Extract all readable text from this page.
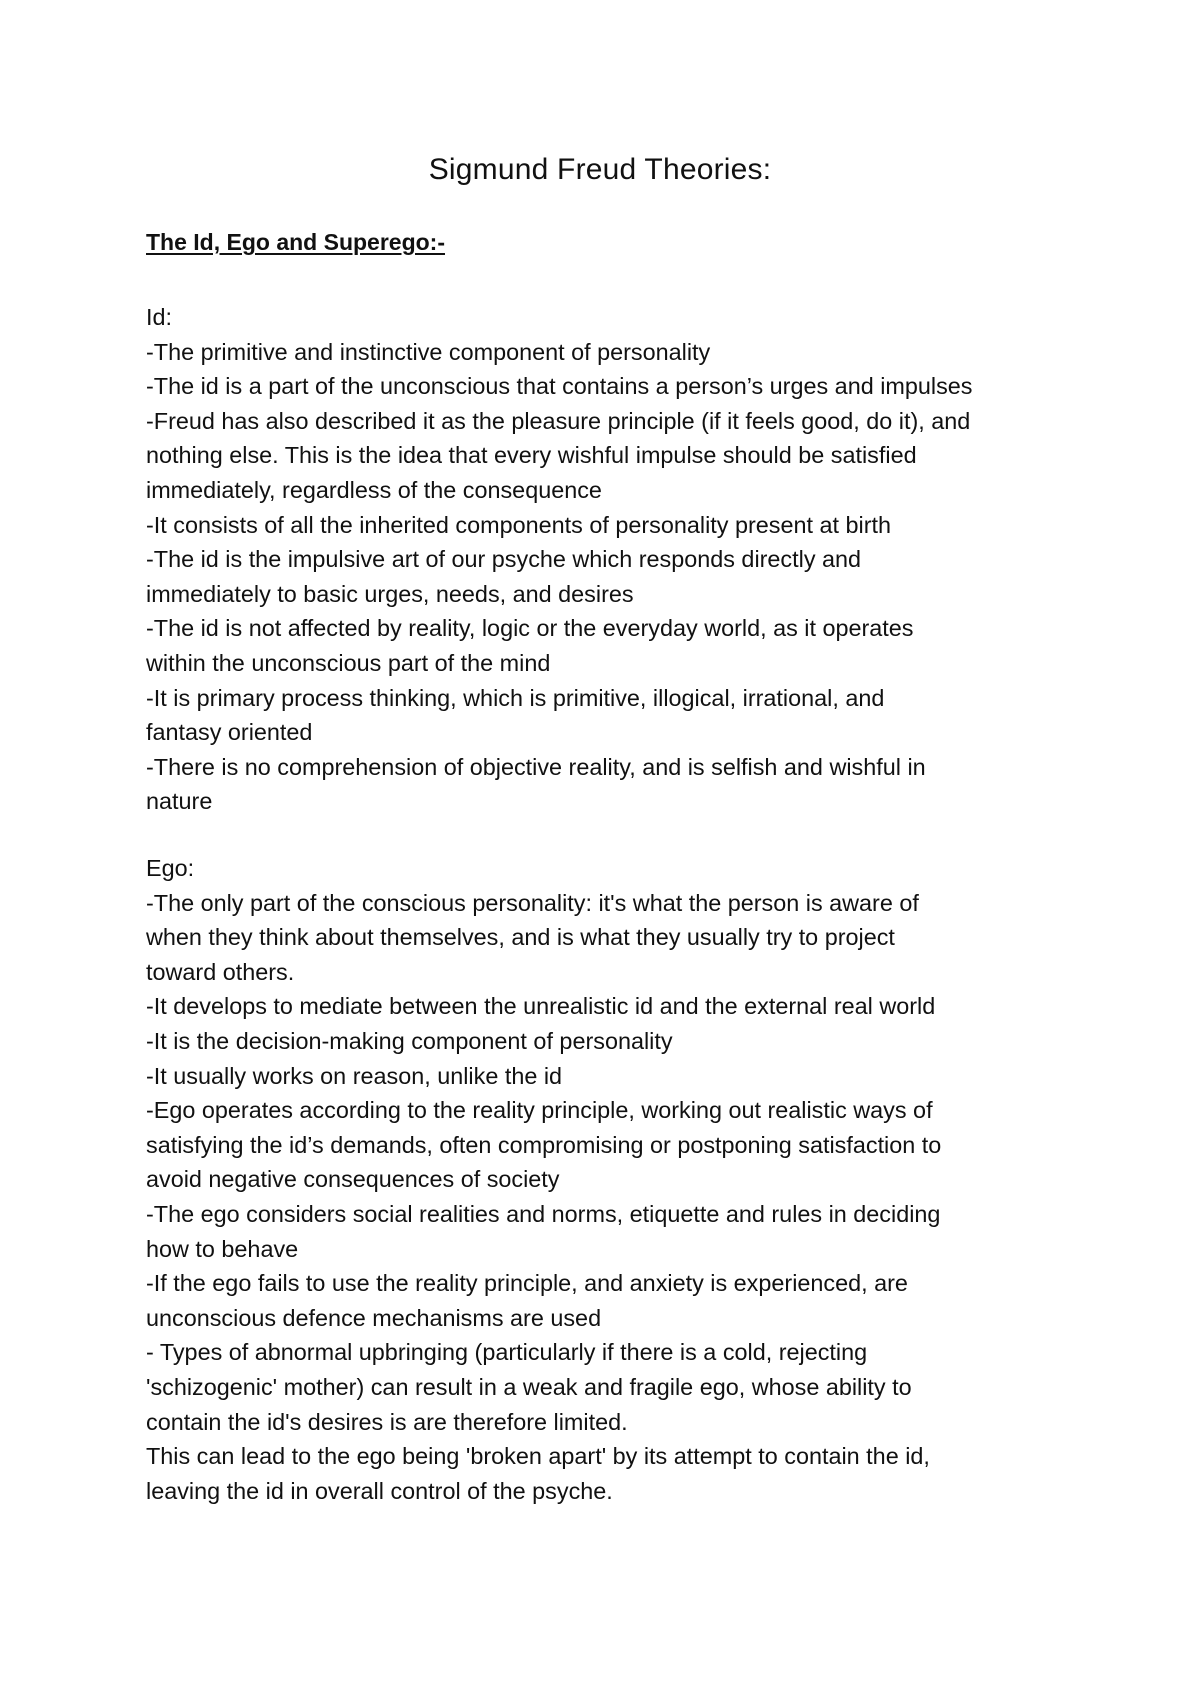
Sigmund Freud Theories:
The Id, Ego and Superego:-
Id:
-The primitive and instinctive component of personality
-The id is a part of the unconscious that contains a person’s urges and impulses
-Freud has also described it as the pleasure principle (if it feels good, do it), and
nothing else. This is the idea that every wishful impulse should be satisfied
immediately, regardless of the consequence
-It consists of all the inherited components of personality present at birth
-The id is the impulsive art of our psyche which responds directly and
immediately to basic urges, needs, and desires
-The id is not affected by reality, logic or the everyday world, as it operates
within the unconscious part of the mind
-It is primary process thinking, which is primitive, illogical, irrational, and
fantasy oriented
-There is no comprehension of objective reality, and is selfish and wishful in
nature
Ego:
-The only part of the conscious personality: it's what the person is aware of
when they think about themselves, and is what they usually try to project
toward others.
-It develops to mediate between the unrealistic id and the external real world
-It is the decision-making component of personality
-It usually works on reason, unlike the id
-Ego operates according to the reality principle, working out realistic ways of
satisfying the id’s demands, often compromising or postponing satisfaction to
avoid negative consequences of society
-The ego considers social realities and norms, etiquette and rules in deciding
how to behave
-If the ego fails to use the reality principle, and anxiety is experienced, are
unconscious defence mechanisms are used
- Types of abnormal upbringing (particularly if there is a cold, rejecting
'schizogenic' mother) can result in a weak and fragile ego, whose ability to
contain the id's desires is are therefore limited.
This can lead to the ego being 'broken apart' by its attempt to contain the id,
leaving the id in overall control of the psyche.
